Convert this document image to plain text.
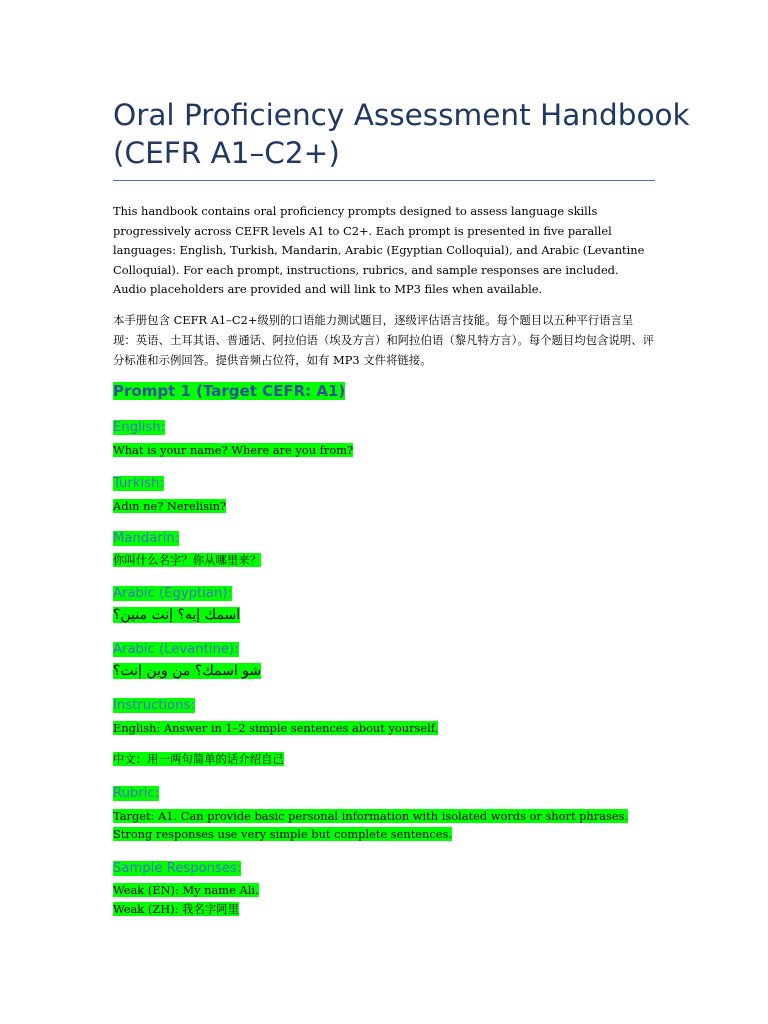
Oral Proficiency Assessment Handbook
(CEFR A1–C2+)

This handbook contains oral proficiency prompts designed to assess language skills progressively across CEFR levels A1 to C2+. Each prompt is presented in five parallel languages: English, Turkish, Mandarin, Arabic (Egyptian Colloquial), and Arabic (Levantine Colloquial). For each prompt, instructions, rubrics, and sample responses are included. Audio placeholders are provided and will link to MP3 files when available.

本手册包含 CEFR A1–C2+级别的口语能力测试题目，逐级评估语言技能。每个题目以五种平行语言呈现：英语、土耳其语、普通话、阿拉伯语（埃及方言）和阿拉伯语（黎凡特方言）。每个题目均包含说明、评分标准和示例回答。提供音频占位符，如有 MP3 文件将链接。

Prompt 1 (Target CEFR: A1)
English:
What is your name? Where are you from?
Turkish:
Adın ne? Nerelisin?
Mandarin:
你叫什么名字？你从哪里来？
Arabic (Egyptian):
اسمك إيه؟ إنت منين؟
Arabic (Levantine):
شو اسمك؟ من وين إنت؟
Instructions:
English: Answer in 1–2 simple sentences about yourself.
中文：用一两句简单的话介绍自己
Rubric:
Target: A1. Can provide basic personal information with isolated words or short phrases. Strong responses use very simple but complete sentences.
Sample Responses:
Weak (EN): My name Ali.
Weak (ZH): 我名字阿里
